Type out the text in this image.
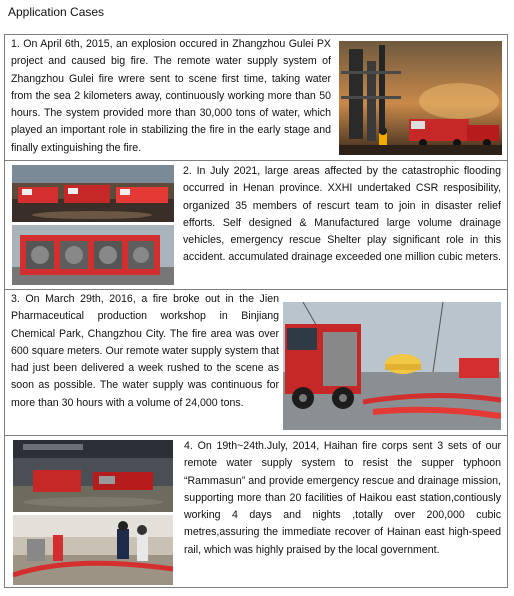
Application Cases
1. On April 6th, 2015, an explosion occured in Zhangzhou Gulei PX project and caused big fire. The remote water supply system of Zhangzhou Gulei fire wrere sent to scene first time, taking water from the sea 2 kilometers away, continuously working more than 50 hours. The system provided more than 30,000 tons of water, which played an important role in stabilizing the fire in the early stage and finally extinguishing the fire.
2. In July 2021, large areas affected by the catastrophic flooding occurred in Henan province. XXHI undertaked CSR resposibility, organized 35 members of rescurt team to join in disaster relief efforts. Self designed & Manufactured large volume drainage vehicles, emergency rescue Shelter play significant role in this accident. accumulated drainage exceeded one million cubic meters.
3. On March 29th, 2016, a fire broke out in the Jien Pharmaceutical production workshop in Binjiang Chemical Park, Changzhou City. The fire area was over 600 square meters. Our remote water supply system that had just been delivered a week rushed to the scene as soon as possible. The water supply was continuous for more than 30 hours with a volume of 24,000 tons.
4. On 19th~24th.July, 2014, Haihan fire corps sent 3 sets of our remote water supply system to resist the supper typhoon “Rammasun” and provide emergency rescue and drainage mission, supporting more than 20 facilities of Haikou east station,contiously working 4 days and nights ,totally over 200,000 cubic metres,assuring the immediate recover of Hainan east high-speed rail, which was highly praised by the local government.
